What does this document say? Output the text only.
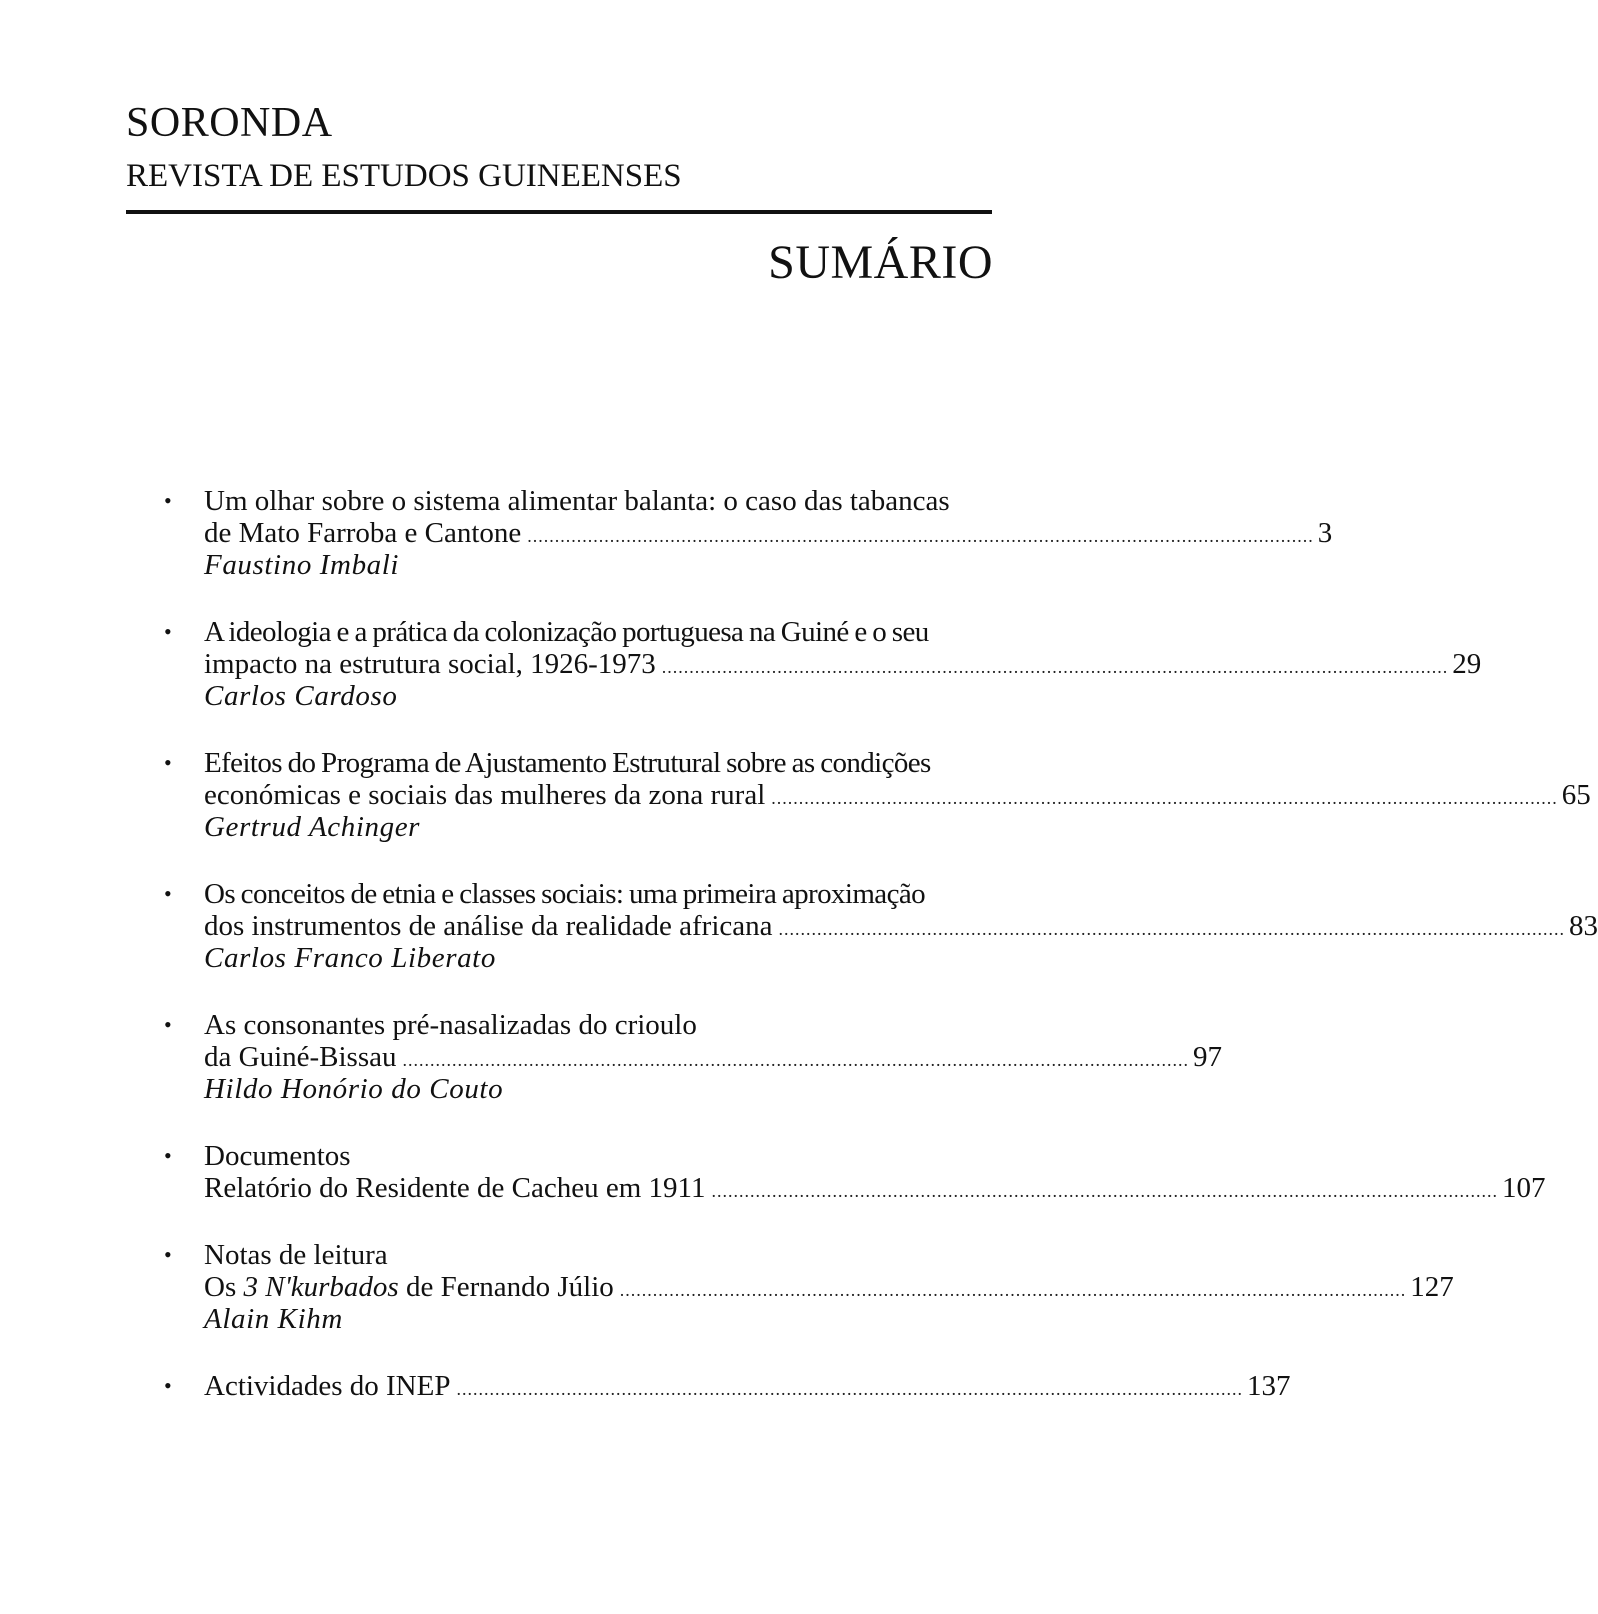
SORONDA
REVISTA DE ESTUDOS GUINEENSES
SUMÁRIO
• Um olhar sobre o sistema alimentar balanta: o caso das tabancas
de Mato Farroba e Cantone ............................................................................................................................................... 3
Faustino Imbali
• A ideologia e a prática da colonização portuguesa na Guiné e o seu
impacto na estrutura social, 1926-1973 ............................................................................................................................................... 29
Carlos Cardoso
• Efeitos do Programa de Ajustamento Estrutural sobre as condições
económicas e sociais das mulheres da zona rural ............................................................................................................................................... 65
Gertrud Achinger
• Os conceitos de etnia e classes sociais: uma primeira aproximação
dos instrumentos de análise da realidade africana ............................................................................................................................................... 83
Carlos Franco Liberato
• As consonantes pré-nasalizadas do crioulo
da Guiné-Bissau ............................................................................................................................................... 97
Hildo Honório do Couto
• Documentos
Relatório do Residente de Cacheu em 1911 ............................................................................................................................................... 107
• Notas de leitura
Os 3 N'kurbados de Fernando Júlio ............................................................................................................................................... 127
Alain Kihm
• Actividades do INEP ............................................................................................................................................... 137
